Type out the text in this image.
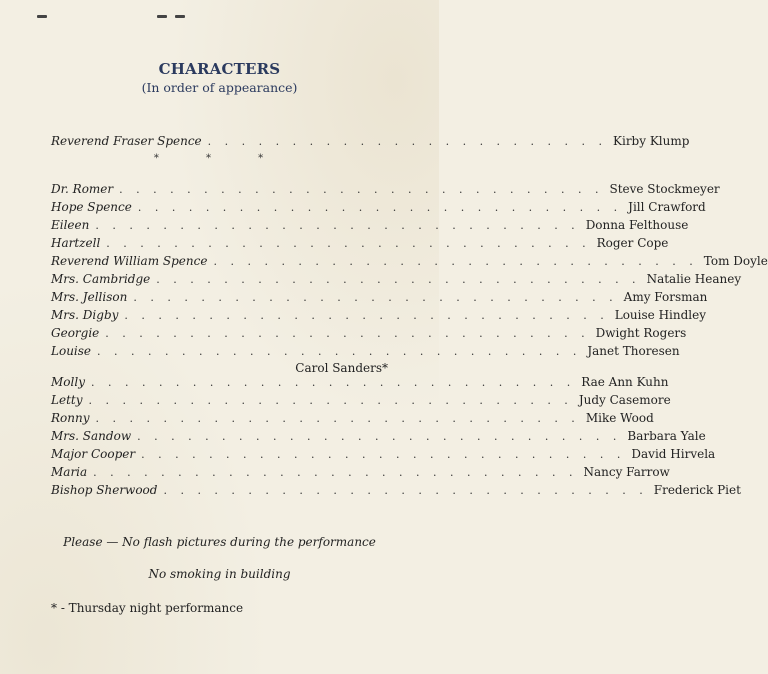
CHARACTERS
(In order of appearance)
Reverend Fraser Spence . . . . . . . . . . . . . . . . . . . . . . . . Kirby Klump
* * *
Dr. Romer . . . . . . . . . . . . . . . . . . . . . . . . . . . . . Steve Stockmeyer
Hope Spence . . . . . . . . . . . . . . . . . . . . . . . . . . . . . Jill Crawford
Eileen . . . . . . . . . . . . . . . . . . . . . . . . . . . . . Donna Felthouse
Hartzell . . . . . . . . . . . . . . . . . . . . . . . . . . . . . Roger Cope
Reverend William Spence . . . . . . . . . . . . . . . . . . . . . . . . . . . . . Tom Doyle
Mrs. Cambridge . . . . . . . . . . . . . . . . . . . . . . . . . . . . . Natalie Heaney
Mrs. Jellison . . . . . . . . . . . . . . . . . . . . . . . . . . . . . Amy Forsman
Mrs. Digby . . . . . . . . . . . . . . . . . . . . . . . . . . . . . Louise Hindley
Georgie . . . . . . . . . . . . . . . . . . . . . . . . . . . . . Dwight Rogers
Louise . . . . . . . . . . . . . . . . . . . . . . . . . . . . . Janet Thoresen
Carol Sanders*
Molly . . . . . . . . . . . . . . . . . . . . . . . . . . . . . Rae Ann Kuhn
Letty . . . . . . . . . . . . . . . . . . . . . . . . . . . . . Judy Casemore
Ronny . . . . . . . . . . . . . . . . . . . . . . . . . . . . . Mike Wood
Mrs. Sandow . . . . . . . . . . . . . . . . . . . . . . . . . . . . . Barbara Yale
Major Cooper . . . . . . . . . . . . . . . . . . . . . . . . . . . . . David Hirvela
Maria . . . . . . . . . . . . . . . . . . . . . . . . . . . . . Nancy Farrow
Bishop Sherwood . . . . . . . . . . . . . . . . . . . . . . . . . . . . . Frederick Piet
Please — No flash pictures during the performance
No smoking in building
* - Thursday night performance
